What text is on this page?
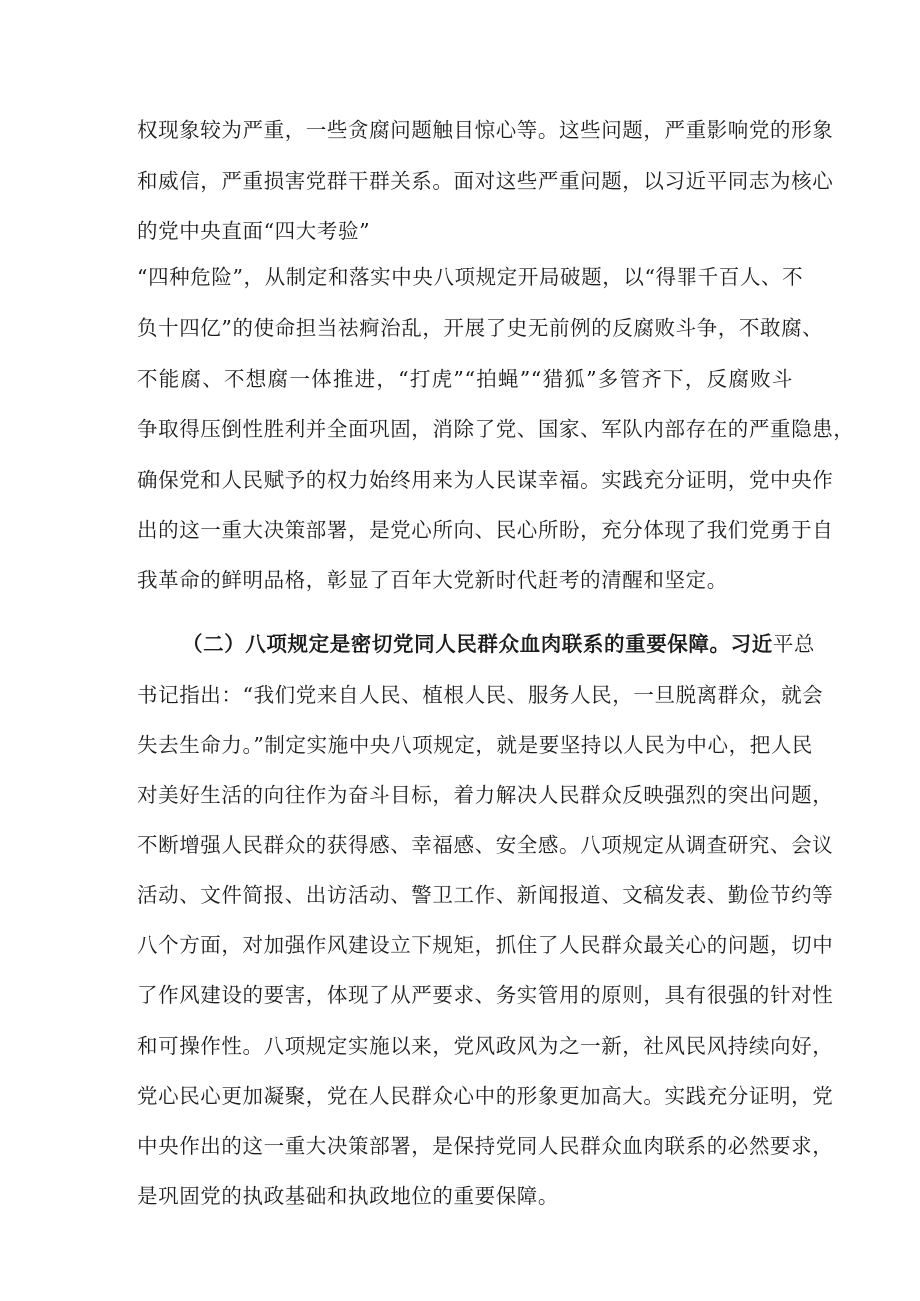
权现象较为严重，一些贪腐问题触目惊心等。这些问题，严重影响党的形象
和威信，严重损害党群干群关系。面对这些严重问题，以习近平同志为核心
的党中央直面“四大考验”
“四种危险”，从制定和落实中央八项规定开局破题，以“得罪千百人、不
负十四亿”的使命担当祛痾治乱，开展了史无前例的反腐败斗争，不敢腐、
不能腐、不想腐一体推进，“打虎”“拍蝇”“猎狐”多管齐下，反腐败斗
争取得压倒性胜利并全面巩固，消除了党、国家、军队内部存在的严重隐患，
确保党和人民赋予的权力始终用来为人民谋幸福。实践充分证明，党中央作
出的这一重大决策部署，是党心所向、民心所盼，充分体现了我们党勇于自
我革命的鲜明品格，彰显了百年大党新时代赶考的清醒和坚定。
（二）八项规定是密切党同人民群众血肉联系的重要保障。习近 平总
书记指出：“我们党来自人民、植根人民、服务人民，一旦脱离群众，就会
失去生命力。”制定实施中央八项规定，就是要坚持以人民为中心，把人民
对美好生活的向往作为奋斗目标，着力解决人民群众反映强烈的突出问题，
不断增强人民群众的获得感、幸福感、安全感。八项规定从调查研究、会议
活动、文件简报、出访活动、警卫工作、新闻报道、文稿发表、勤俭节约等
八个方面，对加强作风建设立下规矩，抓住了人民群众最关心的问题，切中
了作风建设的要害，体现了从严要求、务实管用的原则，具有很强的针对性
和可操作性。八项规定实施以来，党风政风为之一新，社风民风持续向好，
党心民心更加凝聚，党在人民群众心中的形象更加高大。实践充分证明，党
中央作出的这一重大决策部署，是保持党同人民群众血肉联系的必然要求，
是巩固党的执政基础和执政地位的重要保障。
